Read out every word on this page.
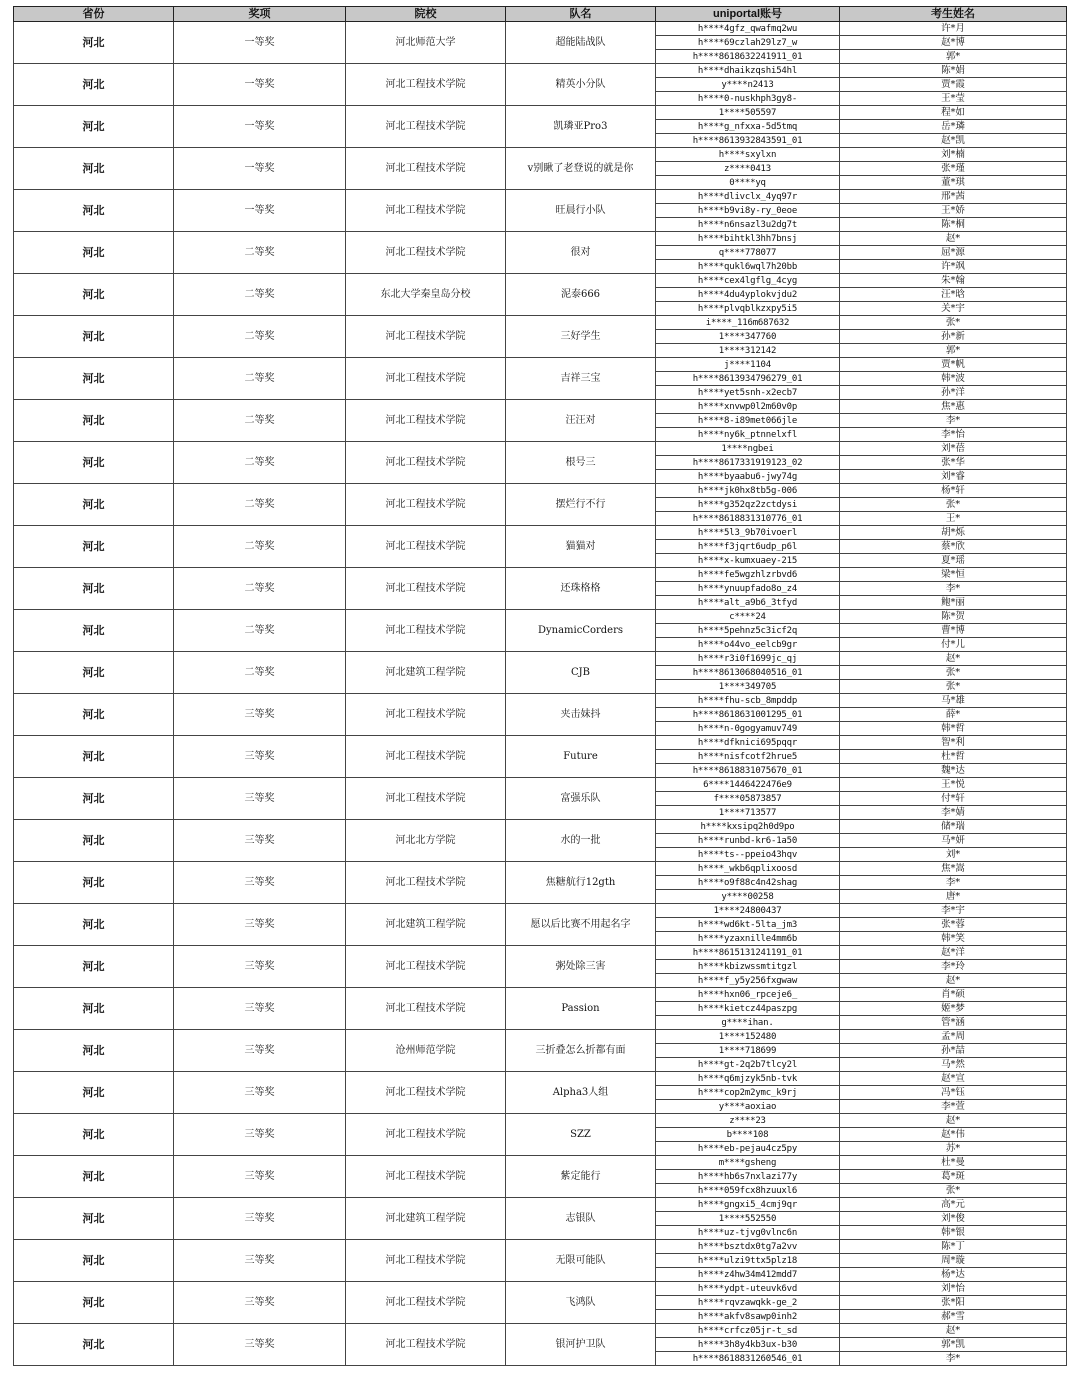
省份	奖项	院校	队名	uniportal账号	考生姓名
河北	一等奖	河北师范大学	超能陆战队	h****4gfz_qwafmq2wu	许*月
				h****69czlah29lz7_w	赵*博
				h****8618632241911_01	郭*
河北	一等奖	河北工程技术学院	精英小分队	h****dhaikzqshi54hl	陈*娟
				y****n2413	贾*霞
				h****0-nuskhph3gy8-	王*莹
河北	一等奖	河北工程技术学院	凯璘亚Pro3	1****505597	程*如
				h****g_nfxxa-5d5tmq	岳*璘
				h****8613932843591_01	赵*凯
河北	一等奖	河北工程技术学院	v别瞅了老登说的就是你	h****sxylxn	刘*楠
				z****0413	张*瑾
				0****yq	董*琪
河北	一等奖	河北工程技术学院	旺晨行小队	h****dlivclx_4yq97r	邢*茜
				h****b9vi8y-ry_0eoe	王*娇
				h****n6nsazl3u2dg7t	陈*桐
河北	二等奖	河北工程技术学院	很对	h****bihtkl3hh7bnsj	赵*
				q****778077	屈*源
				h****qukl6wql7h20bb	许*飒
河北	二等奖	东北大学秦皇岛分校	泥泰666	h****cex4lgflg_4cyg	朱*翰
				h****4du4yplokvjdu2	汪*晗
				h****plvqblkzxpy5i5	关*宇
河北	二等奖	河北工程技术学院	三好学生	i****_116m687632	张*
				1****347760	孙*新
				1****312142	郭*
河北	二等奖	河北工程技术学院	吉祥三宝	j****1104	贾*帆
				h****8613934796279_01	韩*波
				h****yet5snh-x2ecb7	孙*洋
河北	二等奖	河北工程技术学院	汪汪对	h****xnvwp0l2m60v0p	焦*惠
				h****8-i89met066jle	李*
				h****ny6k_ptnnelxfl	李*怡
河北	二等奖	河北工程技术学院	根号三	1****ngbei	刘*蓓
				h****8617331919123_02	张*华
				h****byaabu6-jwy74g	刘*睿
河北	二等奖	河北工程技术学院	摆烂行不行	h****jk0hx8tb5g-006	杨*轩
				h****g352qz2zctdysi	张*
				h****8618831310776_01	王*
河北	二等奖	河北工程技术学院	猫猫对	h****5l3_9b70ivoerl	胡*烁
				h****f3jqrt6udp_p6l	蔡*欣
				h****x-kumxuaey-215	夏*瑶
河北	二等奖	河北工程技术学院	还珠格格	h****fe5wgzhlzrbvd6	梁*恒
				h****ynuupfado8o_z4	李*
				h****alt_a9b6_3tfyd	鲍*丽
河北	二等奖	河北工程技术学院	DynamicCorders	c****24	陈*贺
				h****5pehnz5c3icf2q	曹*博
				h****o44vo_eelcb9gr	付*儿
河北	二等奖	河北建筑工程学院	CJB	h****r3i0f1699jc_qj	赵*
				h****8613068040516_01	张*
				1****349705	张*
河北	三等奖	河北工程技术学院	夹击妹抖	h****fhu-scb_8mpddp	马*雄
				h****8618631001295_01	薛*
				h****n-0gogyamuv749	韩*哲
河北	三等奖	河北工程技术学院	Future	h****dfknici695pqqr	智*利
				h****nisfcotf2hrue5	杜*哲
				h****8618831075670_01	魏*达
河北	三等奖	河北工程技术学院	富强乐队	6****1446422476e9	王*悦
				f****05873857	付*轩
				1****713577	李*婧
河北	三等奖	河北北方学院	水的一批	h****kxsipq2h0d9po	储*瑞
				h****runbd-kr6-1a50	马*妍
				h****ts--ppeio43hqv	刘*
河北	三等奖	河北工程技术学院	焦糖航行12gth	h****_wkb6qplixoosd	焦*嵩
				h****o9f88c4n42shag	李*
				y****00258	唐*
河北	三等奖	河北建筑工程学院	愿以后比赛不用起名字	1****24800437	李*宇
				h****wd6kt-5lta_jm3	张*蓉
				h****yzaxnille4mm6b	韩*笑
河北	三等奖	河北工程技术学院	粥处除三害	h****8615131241191_01	赵*洋
				h****kbizwssmtitgzl	李*玲
				h****f_y5y256fxgwaw	赵*
河北	三等奖	河北工程技术学院	Passion	h****hxn06_rpceje6_	肖*硕
				h****kietcz44paszpg	姬*梦
				g****ihan.	管*涵
河北	三等奖	沧州师范学院	三折叠怎么折都有面	1****152480	孟*周
				1****718699	孙*喆
				h****gt-2q2b7tlcy2l	马*然
河北	三等奖	河北工程技术学院	Alpha3人组	h****q6mjzyk5nb-tvk	赵*宣
				h****cop2m2ymc_k9rj	冯*钰
				y****aoxiao	李*萱
河北	三等奖	河北工程技术学院	SZZ	z****23	赵*
				b****108	赵*伟
				h****eb-pejau4cz5py	苏*
河北	三等奖	河北工程技术学院	紫定能行	m****gsheng	杜*曼
				h****hb6s7nxlazi77y	葛*斑
				h****059fcx8hzuuxl6	张*
河北	三等奖	河北建筑工程学院	志银队	h****gngxi5_4cmj9qr	高*元
				1****552550	刘*俊
				h****uz-tjvg0vlnc6n	韩*银
河北	三等奖	河北工程技术学院	无限可能队	h****bsztdx0tg7a2vv	陈*丁
				h****ulzi9ttx5plz18	周*璇
				h****z4hw34m412mdd7	杨*达
河北	三等奖	河北工程技术学院	飞鸿队	h****ydpt-uteuvk6vd	刘*怡
				h****rqvzawqkk-ge_2	张*阳
				h****akfv8sawp0inh2	郝*雪
河北	三等奖	河北工程技术学院	银河护卫队	h****crfcz05jr-t_sd	赵*
				h****3h8y4kb3ux-b30	郭*凯
				h****8618831260546_01	李*
